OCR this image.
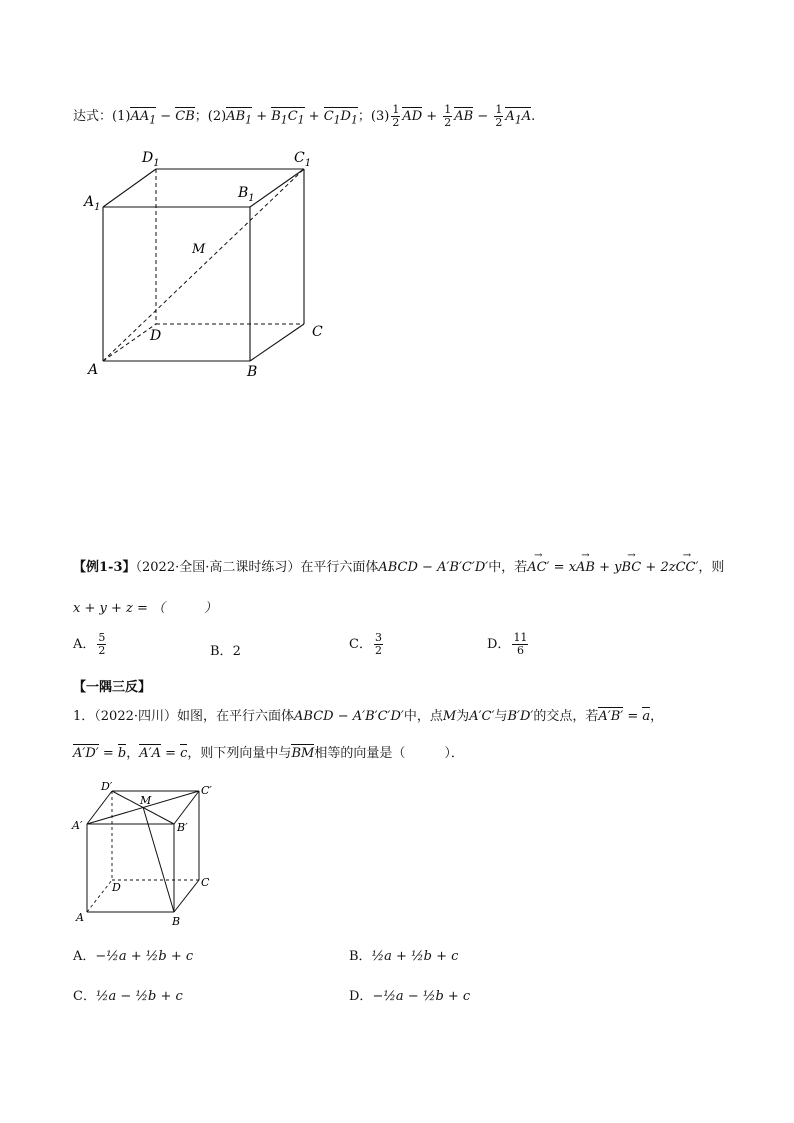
达式：$(1)AA_1$ − CB；$(2)AB_1 + B_1C_1 + C_1D_1$；$(3) \frac{1}{2}$ AD + $\frac{1}{2}$ AB − $\frac{1}{2} A_1A$.
$D_1$	$C_1$
$A_1$
$B_1$
M
D	C
A	B
【例1-3】（2022·全国·高二课时练习）在平行六面体ABCD − A′B′C′D′中，若→ AC′ = x→ AB + y→ BC + 2z→ CC′，则
x + y + z = （　　　）
A． $\frac{5}{2}$	B．2	C． $\frac{3}{2}$	D． $\frac{11}{6}$
【一隅三反】
1．（2022·四川）如图，在平行六面体ABCD − A′B′C′D′中，点M为A′C′与B′D′的交点，若A′B′ = a，
A′D′ = b，A′A = c，则下列向量中与BM相等的向量是（　　　）．
D′
M
C′
A′	B′
D	C
A	B
A．−½a + ½b + c	B．½a + ½b + c
C．½a − ½b + c	D．−½a − ½b + c
